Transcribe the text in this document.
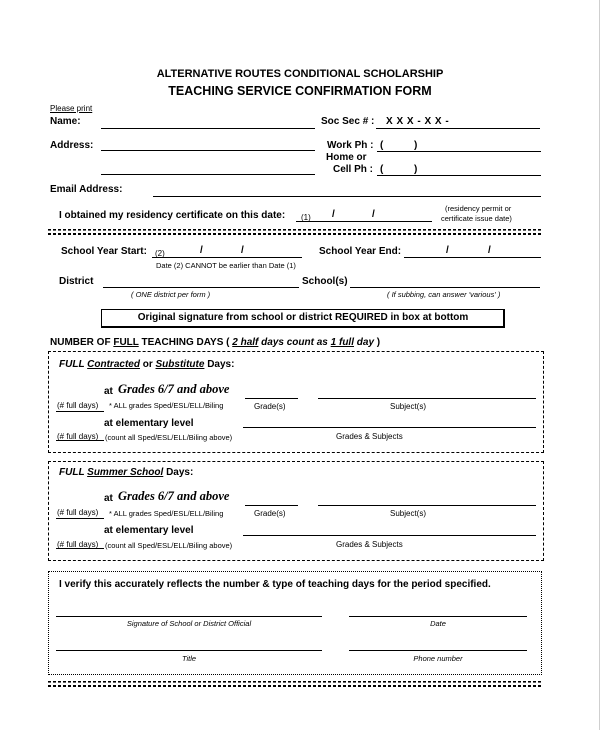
ALTERNATIVE ROUTES CONDITIONAL SCHOLARSHIP
TEACHING SERVICE CONFIRMATION FORM
Please print
Name:	Soc Sec # : X X X - X X -
Address:	Work Ph : (	)
Home or
Cell Ph : (	)
Email Address:
I obtained my residency certificate on this date: (1) /	/
(residency permit or
certificate issue date)
School Year Start: (2)	/	/
Date (2) CANNOT be earlier than Date (1)
School Year End:	/	/
District
( ONE district per form )
School(s)
( If subbing, can answer 'various' )
Original signature from school or district REQUIRED in box at bottom
NUMBER OF FULL TEACHING DAYS ( 2 half days count as 1 full day )
FULL Contracted or Substitute Days:
at Grades 6/7 and above
(# full days) * ALL grades Sped/ESL/ELL/Biling	Grade(s)	Subject(s)
at elementary level
(# full days) (count all Sped/ESL/ELL/Biling above)	Grades & Subjects
FULL Summer School Days:
at Grades 6/7 and above
(# full days) * ALL grades Sped/ESL/ELL/Biling	Grade(s)	Subject(s)
at elementary level
(# full days) (count all Sped/ESL/ELL/Biling above)	Grades & Subjects
I verify this accurately reflects the number & type of teaching days for the period specified.
Signature of School or District Official	Date
Title	Phone number
